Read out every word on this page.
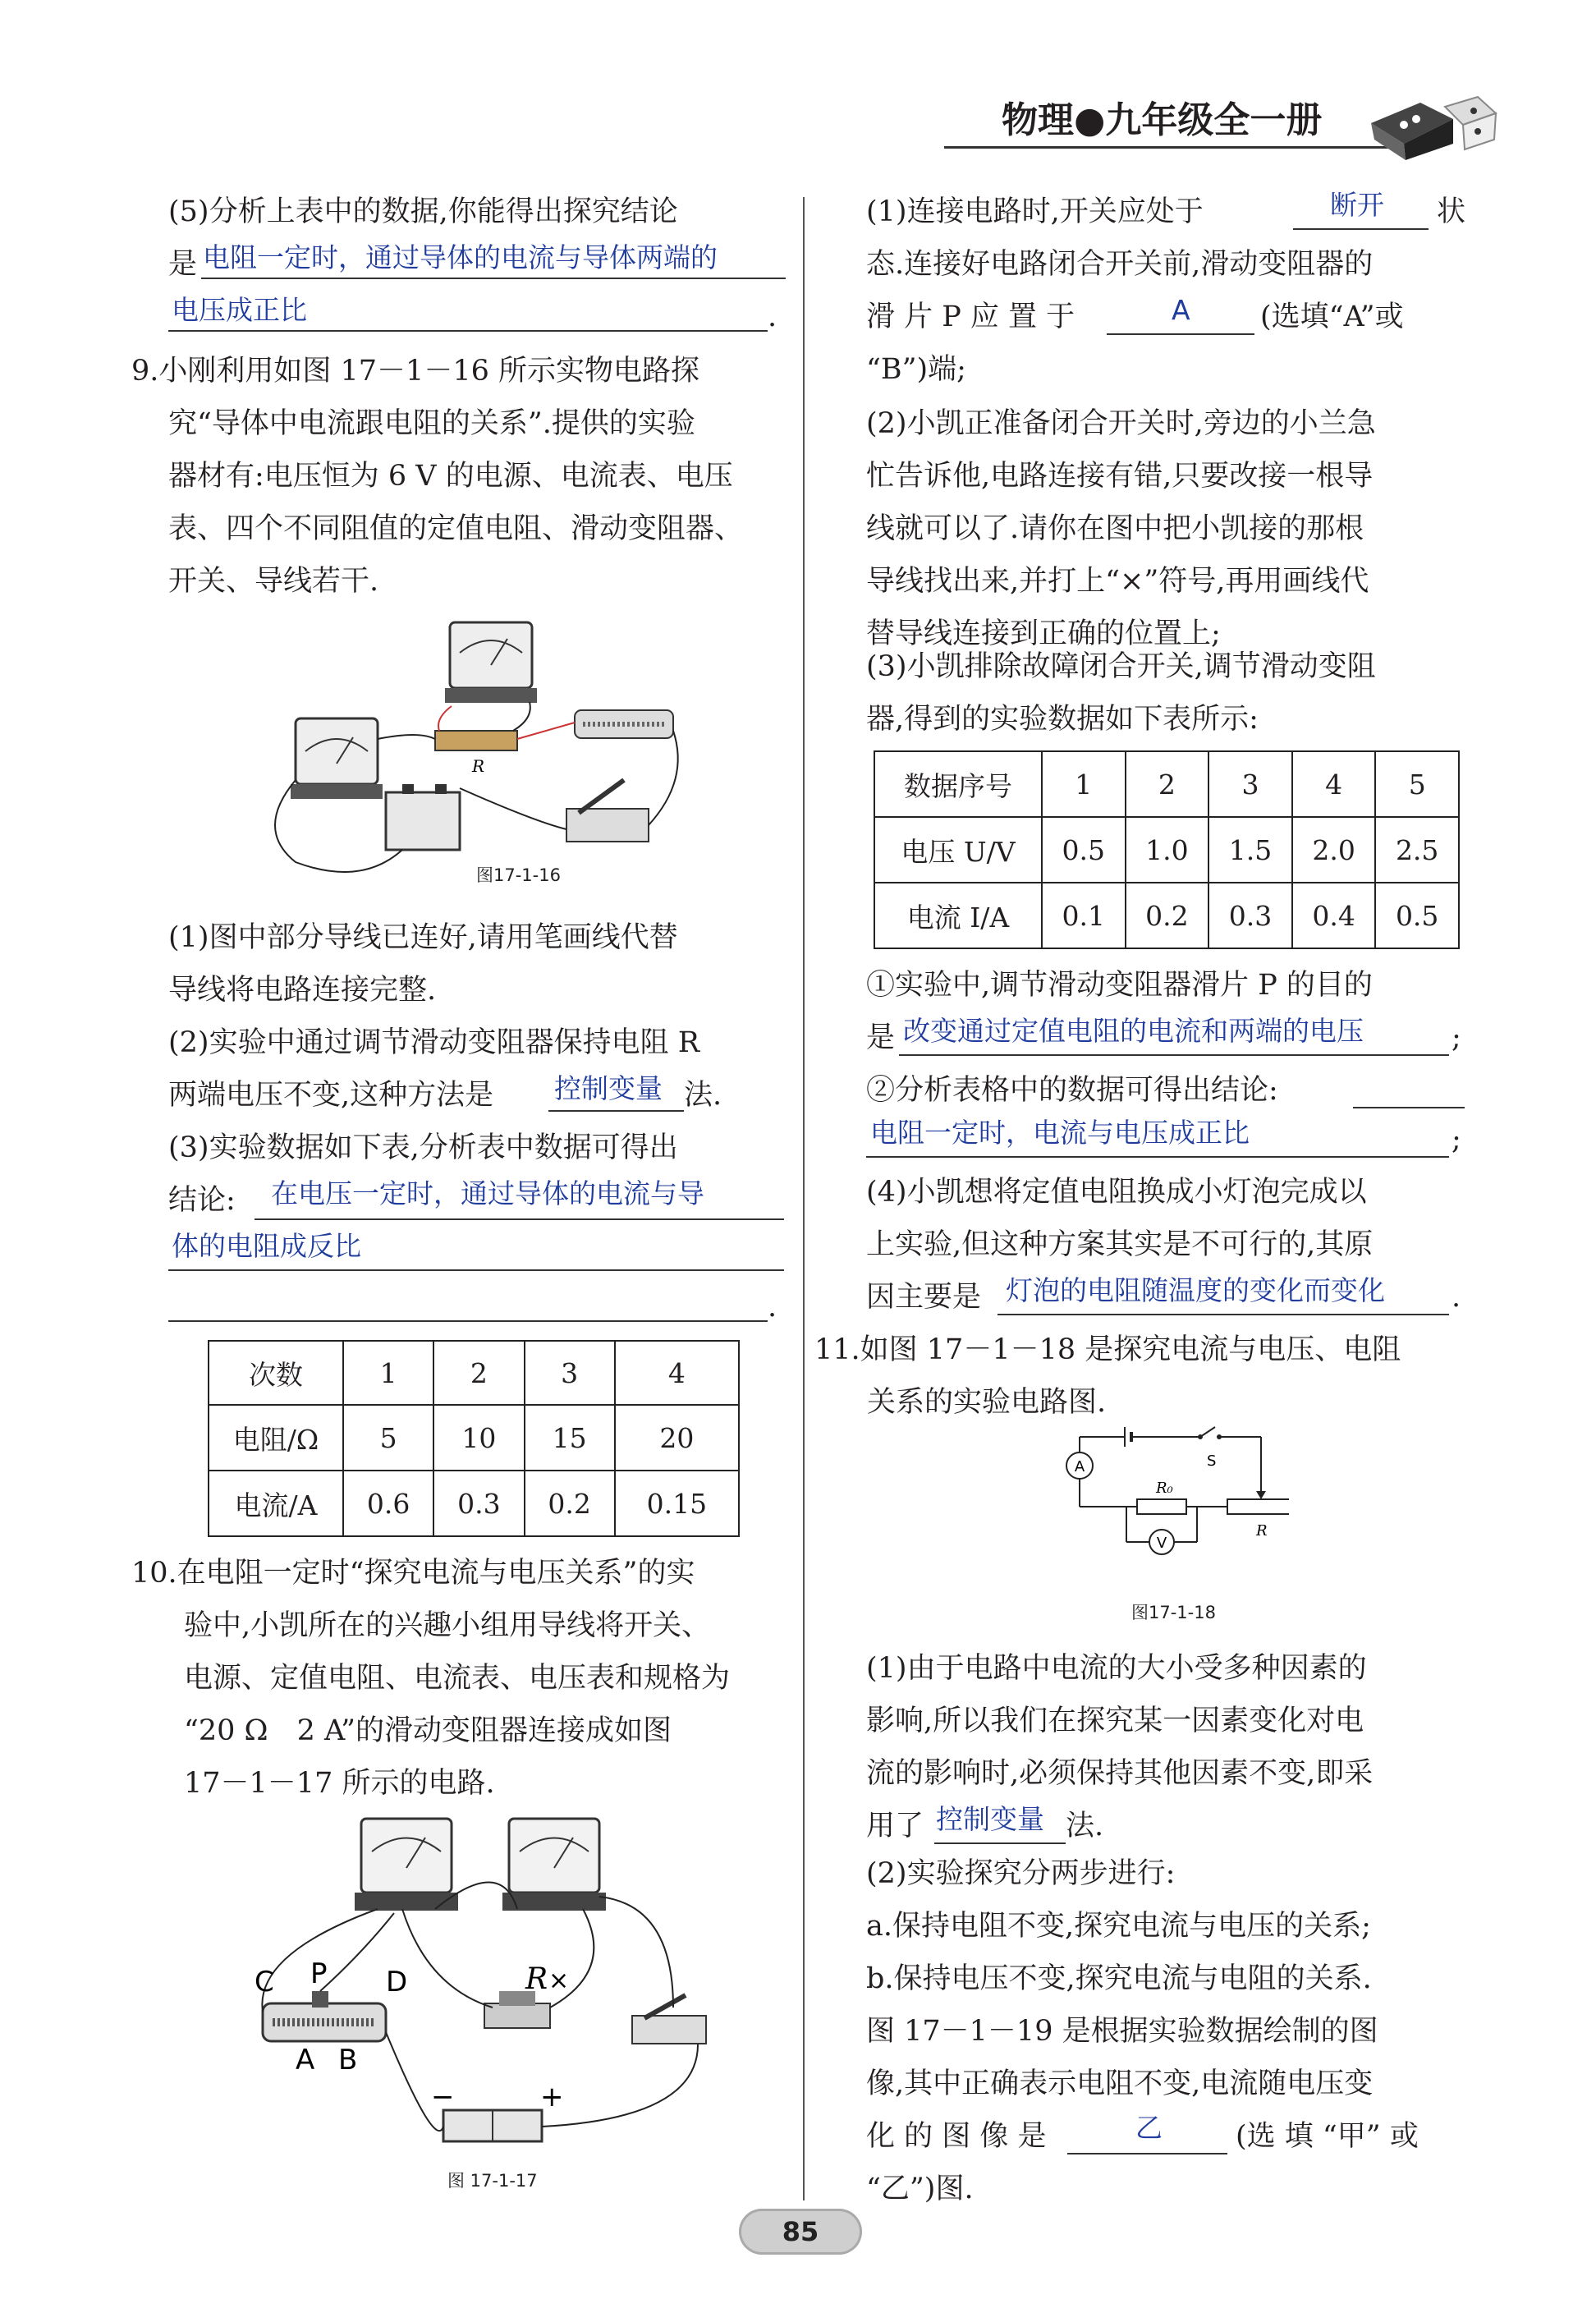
物理●九年级全一册
(5)分析上表中的数据,你能得出探究结论
是 电阻一定时，通过导体的电流与导体两端的
电压成正比	.
9.小刚利用如图 17－1－16 所示实物电路探
究“导体中电流跟电阻的关系”.提供的实验
器材有:电压恒为 6 V 的电源、电流表、电压
表、四个不同阻值的定值电阻、滑动变阻器、
开关、导线若干.
R
图17-1-16
(1)图中部分导线已连好,请用笔画线代替
导线将电路连接完整.
(2)实验中通过调节滑动变阻器保持电阻 R
两端电压不变,这种方法是 控制变量 法.
(3)实验数据如下表,分析表中数据可得出
结论: 在电压一定时，通过导体的电流与导
体的电阻成反比
.
次数	1	2	3	4
电阻/Ω	5	10	15	20
电流/A	0.6	0.3	0.2	0.15
10.在电阻一定时“探究电流与电压关系”的实
验中,小凯所在的兴趣小组用导线将开关、
电源、定值电阻、电流表、电压表和规格为
“20 Ω　2 A”的滑动变阻器连接成如图
17－1－17 所示的电路.
C P D
A B
R ×
−	+
图 17-1-17
(1)连接电路时,开关应处于	断开 状
态.连接好电路闭合开关前,滑动变阻器的
滑 片 P 应 置 于	A (选填“A”或
“B”)端;
(2)小凯正准备闭合开关时,旁边的小兰急
忙告诉他,电路连接有错,只要改接一根导
线就可以了.请你在图中把小凯接的那根
导线找出来,并打上“×”符号,再用画线代
替导线连接到正确的位置上;
(3)小凯排除故障闭合开关,调节滑动变阻
器,得到的实验数据如下表所示:
数据序号	1	2	3	4	5
电压 U/V	0.5	1.0	1.5	2.0	2.5
电流 I/A	0.1	0.2	0.3	0.4	0.5
①实验中,调节滑动变阻器滑片 P 的目的
是 改变通过定值电阻的电流和两端的电压	;
②分析表格中的数据可得出结论:
电阻一定时，电流与电压成正比	;
(4)小凯想将定值电阻换成小灯泡完成以
上实验,但这种方案其实是不可行的,其原
因主要是 灯泡的电阻随温度的变化而变化 .
11.如图 17－1－18 是探究电流与电压、电阻
关系的实验电路图.
A
R₀
R
V
S
图17-1-18
(1)由于电路中电流的大小受多种因素的
影响,所以我们在探究某一因素变化对电
流的影响时,必须保持其他因素不变,即采
用了 控制变量 法.
(2)实验探究分两步进行:
a.保持电阻不变,探究电流与电压的关系;
b.保持电压不变,探究电流与电阻的关系.
图 17－1－19 是根据实验数据绘制的图
像,其中正确表示电阻不变,电流随电压变
化 的 图 像 是	乙	(选 填 “甲” 或
“乙”)图.
85
